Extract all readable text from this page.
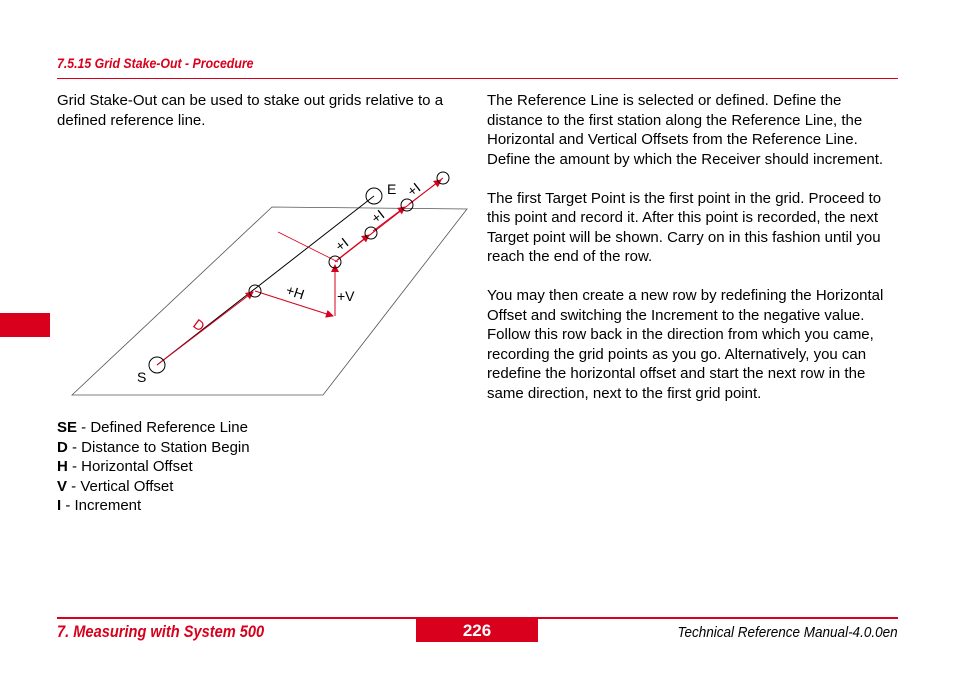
7.5.15 Grid Stake-Out - Procedure
Grid Stake-Out can be used to stake out grids relative to a defined reference line.
E
S
D
+H +V
+I
+I
+I
SE - Defined Reference Line
D - Distance to Station Begin
H - Horizontal Offset
V - Vertical Offset
I - Increment

The Reference Line is selected or defined. Define the distance to the first station along the Reference Line, the Horizontal and Vertical Offsets from the Reference Line. Define the amount by which the Receiver should increment.

The first Target Point is the first point in the grid. Proceed to this point and record it. After this point is recorded, the next Target point will be shown. Carry on in this fashion until you reach the end of the row.

You may then create a new row by redefining the Horizontal Offset and switching the Increment to the negative value. Follow this row back in the direction from which you came, recording the grid points as you go. Alternatively, you can redefine the horizontal offset and start the next row in the same direction, next to the first grid point.

7. Measuring with System 500	226	Technical Reference Manual-4.0.0en
